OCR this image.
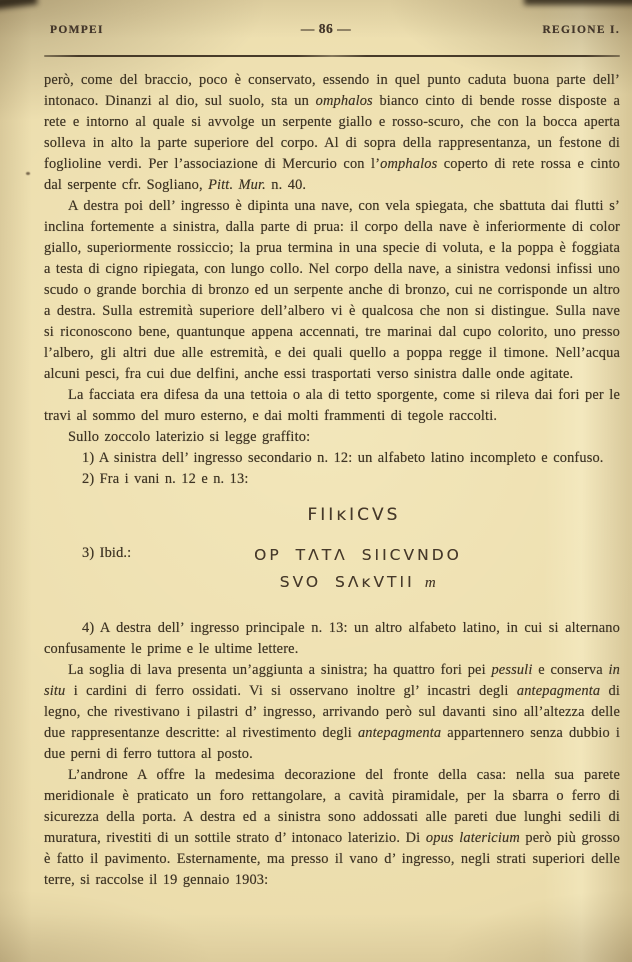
POMPEI	— 86 —	REGIONE I.

però, come del braccio, poco è conservato, essendo in quel punto caduta buona parte dell’ intonaco. Dinanzi al dio, sul suolo, sta un omphalos bianco cinto di bende rosse disposte a rete e intorno al quale si avvolge un serpente giallo e rosso-scuro, che con la bocca aperta solleva in alto la parte superiore del corpo. Al di sopra della rappresentanza, un festone di foglioline verdi. Per l’associazione di Mercurio con l’omphalos coperto di rete rossa e cinto dal serpente cfr. Sogliano, Pitt. Mur. n. 40.

A destra poi dell’ ingresso è dipinta una nave, con vela spiegata, che sbattuta dai flutti s’ inclina fortemente a sinistra, dalla parte di prua: il corpo della nave è inferiormente di color giallo, superiormente rossiccio; la prua termina in una specie di voluta, e la poppa è foggiata a testa di cigno ripiegata, con lungo collo. Nel corpo della nave, a sinistra vedonsi infissi uno scudo o grande borchia di bronzo ed un serpente anche di bronzo, cui ne corrisponde un altro a destra. Sulla estremità superiore dell’albero vi è qualcosa che non si distingue. Sulla nave si riconoscono bene, quantunque appena accennati, tre marinai dal cupo colorito, uno presso l’albero, gli altri due alle estremità, e dei quali quello a poppa regge il timone. Nell’acqua alcuni pesci, fra cui due delfini, anche essi trasportati verso sinistra dalle onde agitate.

La facciata era difesa da una tettoia o ala di tetto sporgente, come si rileva dai fori per le travi al sommo del muro esterno, e dai molti frammenti di tegole raccolti.

Sullo zoccolo laterizio si legge graffito:

1) A sinistra dell’ ingresso secondario n. 12: un alfabeto latino incompleto e confuso.

2) Fra i vani n. 12 e n. 13:

FIIᴋICVS
3) Ibid.:	OP TΛTΛ SIICVNDO
SVO SΛᴋVTII m

4) A destra dell’ ingresso principale n. 13: un altro alfabeto latino, in cui si alternano confusamente le prime e le ultime lettere.

La soglia di lava presenta un’aggiunta a sinistra; ha quattro fori pei pessuli e conserva in situ i cardini di ferro ossidati. Vi si osservano inoltre gl’ incastri degli antepagmenta di legno, che rivestivano i pilastri d’ ingresso, arrivando però sul davanti sino all’altezza delle due rappresentanze descritte: al rivestimento degli antepagmenta appartennero senza dubbio i due perni di ferro tuttora al posto.

L’androne A offre la medesima decorazione del fronte della casa: nella sua parete meridionale è praticato un foro rettangolare, a cavità piramidale, per la sbarra o ferro di sicurezza della porta. A destra ed a sinistra sono addossati alle pareti due lunghi sedili di muratura, rivestiti di un sottile strato d’ intonaco laterizio. Di opus latericium però più grosso è fatto il pavimento. Esternamente, ma presso il vano d’ ingresso, negli strati superiori delle terre, si raccolse il 19 gennaio 1903:
